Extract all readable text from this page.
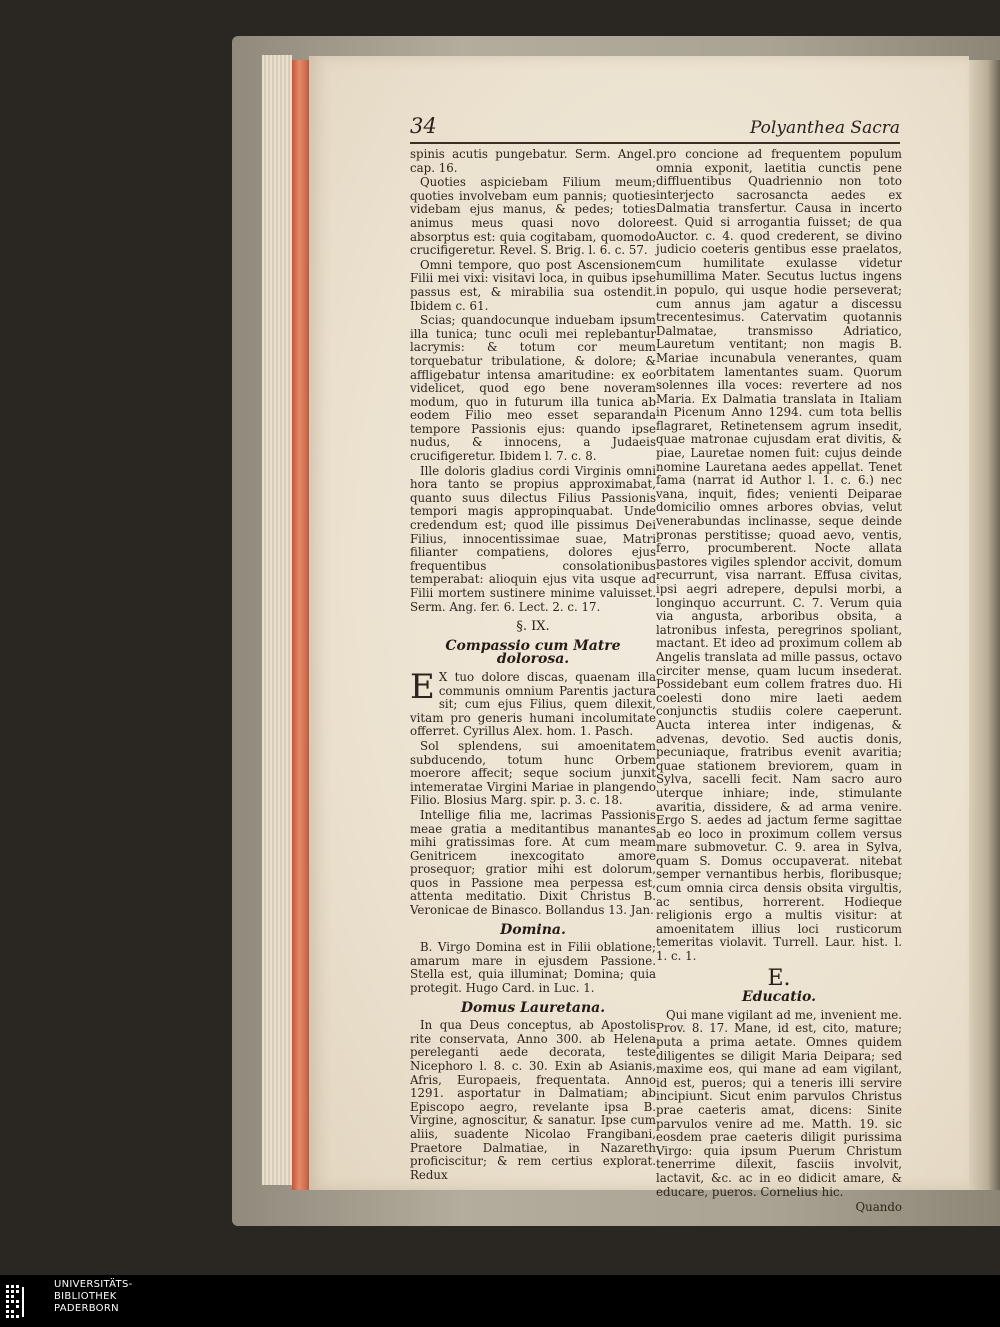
34	Polyanthea Sacra

spinis acutis pungebatur. Serm. Angel. cap. 16.

Quoties aspiciebam Filium meum; quoties involvebam eum pannis; quoties videbam ejus manus, & pedes; toties animus meus quasi novo dolore absorptus est: quia cogitabam, quomodo crucifigeretur. Revel. S. Brig. l. 6. c. 57.

Omni tempore, quo post Ascensionem Filii mei vixi: visitavi loca, in quibus ipse passus est, & mirabilia sua ostendit. Ibidem c. 61.

Scias; quandocunque induebam ipsum illa tunica; tunc oculi mei replebantur lacrymis: & totum cor meum torquebatur tribulatione, & dolore; & affligebatur intensa amaritudine: ex eo videlicet, quod ego bene noveram modum, quo in futurum illa tunica ab eodem Filio meo esset separanda tempore Passionis ejus: quando ipse nudus, & innocens, a Judaeis crucifigeretur. Ibidem l. 7. c. 8.

Ille doloris gladius cordi Virginis omni hora tanto se propius approximabat, quanto suus dilectus Filius Passionis tempori magis appropinquabat. Unde credendum est; quod ille pissimus Dei Filius, innocentissimae suae, Matri filianter compatiens, dolores ejus frequentibus consolationibus temperabat: alioquin ejus vita usque ad Filii mortem sustinere minime valuisset. Serm. Ang. fer. 6. Lect. 2. c. 17.

§. IX.
Compassio cum Matre dolorosa.

E X tuo dolore discas, quaenam illa communis omnium Parentis jactura sit; cum ejus Filius, quem dilexit, vitam pro generis humani incolumitate offerret. Cyrillus Alex. hom. 1. Pasch.

Sol splendens, sui amoenitatem subducendo, totum hunc Orbem moerore affecit; seque socium junxit intemeratae Virgini Mariae in plangendo Filio. Blosius Marg. spir. p. 3. c. 18.

Intellige filia me, lacrimas Passionis meae gratia a meditantibus manantes mihi gratissimas fore. At cum meam Genitricem inexcogitato amore prosequor; gratior mihi est dolorum, quos in Passione mea perpessa est, attenta meditatio. Dixit Christus B. Veronicae de Binasco. Bollandus 13. Jan.

Domina.

B. Virgo Domina est in Filii oblatione; amarum mare in ejusdem Passione. Stella est, quia illuminat; Domina; quia protegit. Hugo Card. in Luc. 1.

Domus Lauretana.

In qua Deus conceptus, ab Apostolis rite conservata, Anno 300. ab Helena pereleganti aede decorata, teste Nicephoro l. 8. c. 30. Exin ab Asianis, Afris, Europaeis, frequentata. Anno 1291. asportatur in Dalmatiam; ab Episcopo aegro, revelante ipsa B. Virgine, agnoscitur, & sanatur. Ipse cum aliis, suadente Nicolao Frangibani, Praetore Dalmatiae, in Nazareth proficiscitur; & rem certius explorat. Redux

pro concione ad frequentem populum omnia exponit, laetitia cunctis pene diffluentibus Quadriennio non toto interjecto sacrosancta aedes ex Dalmatia transfertur. Causa in incerto est. Quid si arrogantia fuisset; de qua Auctor. c. 4. quod crederent, se divino judicio coeteris gentibus esse praelatos, cum humilitate exulasse videtur humillima Mater. Secutus luctus ingens in populo, qui usque hodie perseverat; cum annus jam agatur a discessu trecentesimus. Catervatim quotannis Dalmatae, transmisso Adriatico, Lauretum ventitant; non magis B. Mariae incunabula venerantes, quam orbitatem lamentantes suam. Quorum solennes illa voces: revertere ad nos Maria. Ex Dalmatia translata in Italiam in Picenum Anno 1294. cum tota bellis flagraret, Retinetensem agrum insedit, quae matronae cujusdam erat divitis, & piae, Lauretae nomen fuit: cujus deinde nomine Lauretana aedes appellat. Tenet fama (narrat id Author l. 1. c. 6.) nec vana, inquit, fides; venienti Deiparae domicilio omnes arbores obvias, velut venerabundas inclinasse, seque deinde pronas perstitisse; quoad aevo, ventis, ferro, procumberent. Nocte allata pastores vigiles splendor accivit, domum recurrunt, visa narrant. Effusa civitas, ipsi aegri adrepere, depulsi morbi, a longinquo accurrunt. C. 7. Verum quia via angusta, arboribus obsita, a latronibus infesta, peregrinos spoliant, mactant. Et ideo ad proximum collem ab Angelis translata ad mille passus, octavo circiter mense, quam lucum insederat. Possidebant eum collem fratres duo. Hi coelesti dono mire laeti aedem conjunctis studiis colere caeperunt. Aucta interea inter indigenas, & advenas, devotio. Sed auctis donis, pecuniaque, fratribus evenit avaritia; quae stationem breviorem, quam in Sylva, sacelli fecit. Nam sacro auro uterque inhiare; inde, stimulante avaritia, dissidere, & ad arma venire. Ergo S. aedes ad jactum ferme sagittae ab eo loco in proximum collem versus mare submovetur. C. 9. area in Sylva, quam S. Domus occupaverat. nitebat semper vernantibus herbis, floribusque; cum omnia circa densis obsita virgultis, ac sentibus, horrerent. Hodieque religionis ergo a multis visitur: at amoenitatem illius loci rusticorum temeritas violavit. Turrell. Laur. hist. l. 1. c. 1.

E.
Educatio.

Qui mane vigilant ad me, invenient me. Prov. 8. 17. Mane, id est, cito, mature; puta a prima aetate. Omnes quidem diligentes se diligit Maria Deipara; sed maxime eos, qui mane ad eam vigilant, id est, pueros; qui a teneris illi servire incipiunt. Sicut enim parvulos Christus prae caeteris amat, dicens: Sinite parvulos venire ad me. Matth. 19. sic eosdem prae caeteris diligit purissima Virgo: quia ipsum Puerum Christum tenerrime dilexit, fasciis involvit, lactavit, &c. ac in eo didicit amare, & educare, pueros. Cornelius hic.

Quando
UNIVERSITÄTS-
BIBLIOTHEK
PADERBORN
